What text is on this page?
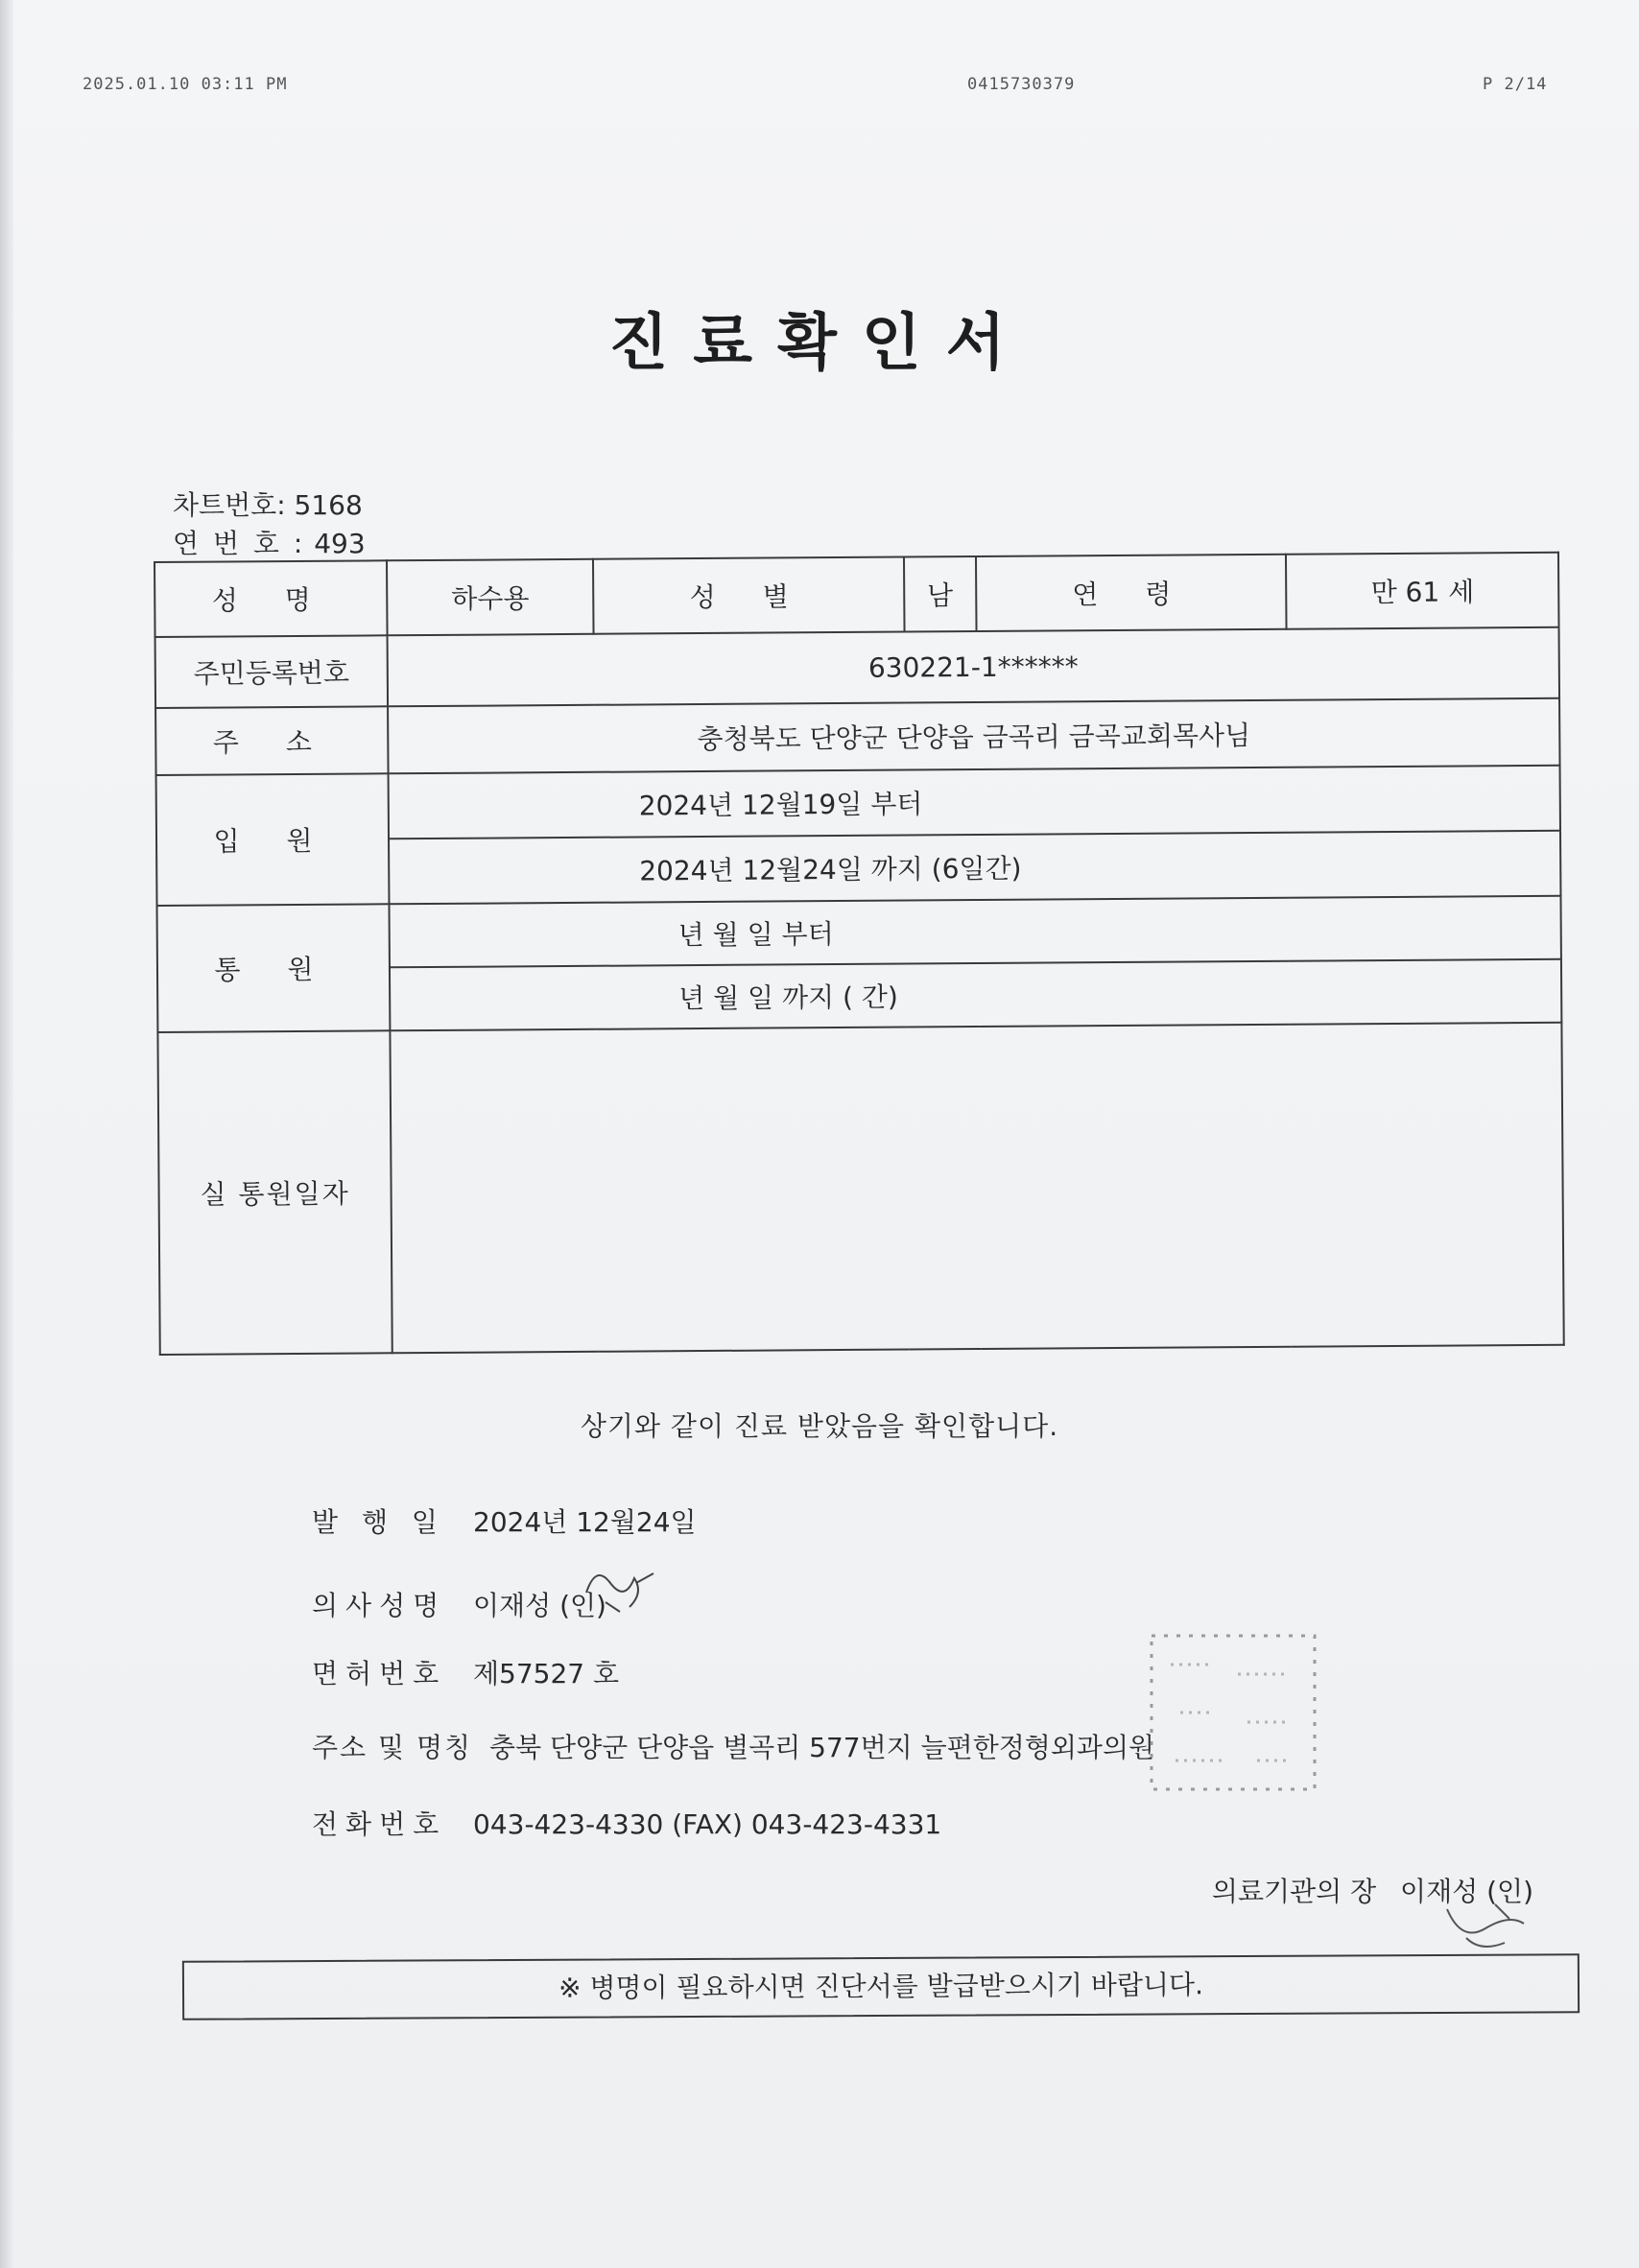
2025.01.10 03:11 PM	0415730379	P 2/14
진료확인서
차트번호: 5168
연 번 호 : 493
성 명	하수용	성 별	남	연 령	만 61 세
주민등록번호	630221-1******				
주 소	충청북도 단양군 단양읍 금곡리 금곡교회목사님				
입 원	2024년 12월19일 부터				
	2024년 12월24일 까지 (6일간)				
통 원	년 월 일 부터				
	년 월 일 까지 ( 간)				
실 통원일자					
상기와 같이 진료 받았음을 확인합니다.
발 행 일 2024년 12월24일
의사성명 이재성 (인)
면허번호 제57527 호
주소 및 명칭 충북 단양군 단양읍 별곡리 577번지 늘편한정형외과의원
전화번호 043-423-4330 (FAX) 043-423-4331
의료기관의 장 이재성 (인)
※ 병명이 필요하시면 진단서를 발급받으시기 바랍니다.
